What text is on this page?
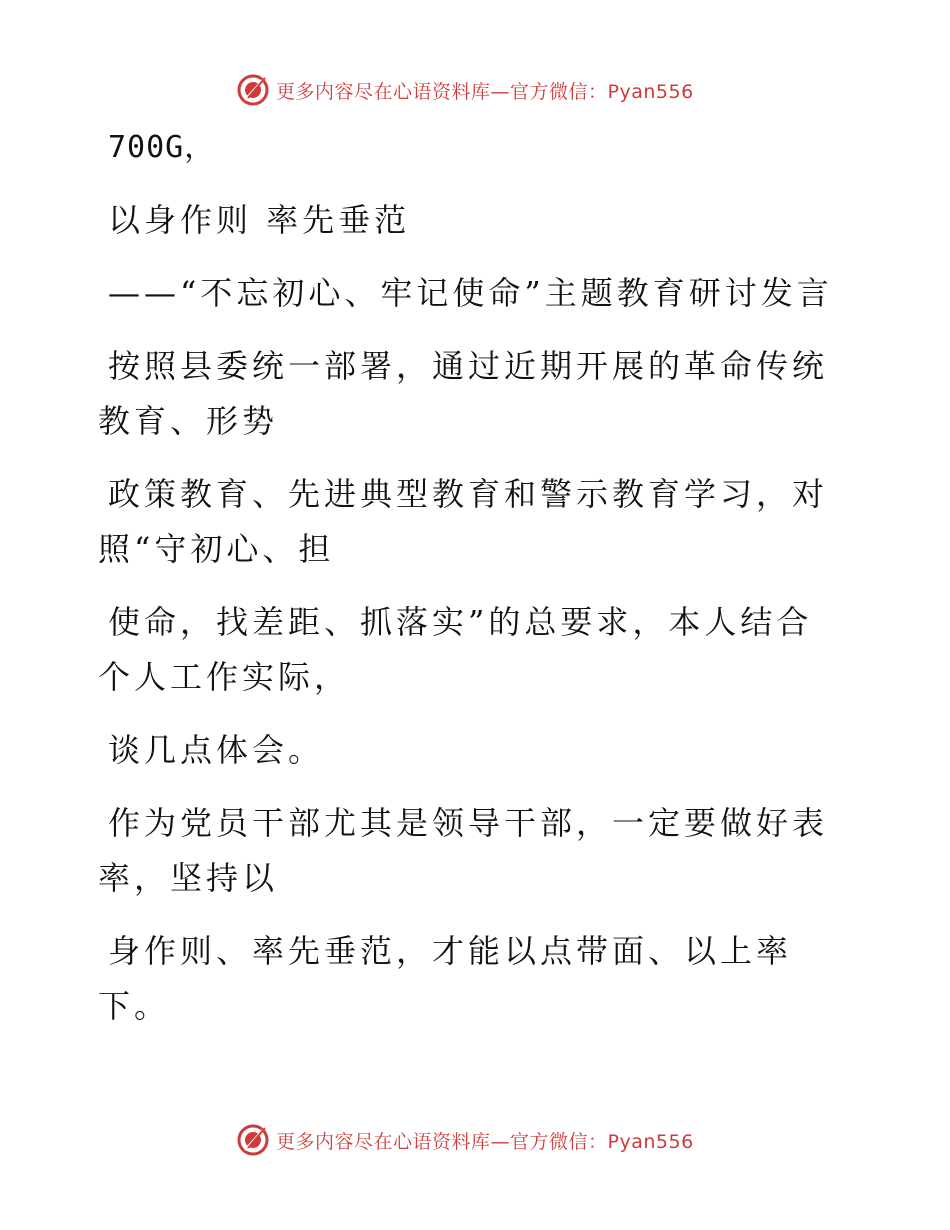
更多内容尽在心语资料库—官方微信：Pyan556

700G，

以身作则 率先垂范

——“不忘初心、牢记使命”主题教育研讨发言

按照县委统一部署，通过近期开展的革命传统教育、形势

政策教育、先进典型教育和警示教育学习，对照“守初心、担

使命，找差距、抓落实”的总要求，本人结合个人工作实际，

谈几点体会。

作为党员干部尤其是领导干部，一定要做好表率，坚持以

身作则、率先垂范，才能以点带面、以上率下。

更多内容尽在心语资料库—官方微信：Pyan556
